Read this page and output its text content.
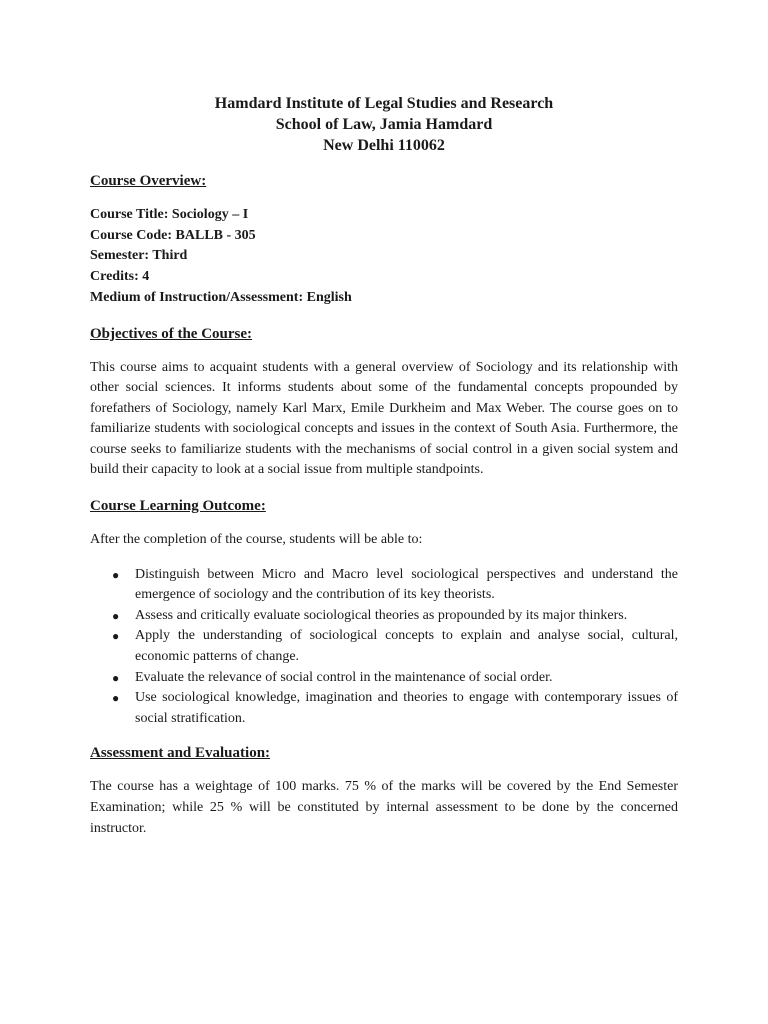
Hamdard Institute of Legal Studies and Research
School of Law, Jamia Hamdard
New Delhi 110062
Course Overview:
Course Title: Sociology – I
Course Code: BALLB - 305
Semester: Third
Credits: 4
Medium of Instruction/Assessment: English
Objectives of the Course:

This course aims to acquaint students with a general overview of Sociology and its relationship with other social sciences. It informs students about some of the fundamental concepts propounded by forefathers of Sociology, namely Karl Marx, Emile Durkheim and Max Weber. The course goes on to familiarize students with sociological concepts and issues in the context of South Asia. Furthermore, the course seeks to familiarize students with the mechanisms of social control in a given social system and build their capacity to look at a social issue from multiple standpoints.

Course Learning Outcome:

After the completion of the course, students will be able to:

● Distinguish between Micro and Macro level sociological perspectives and understand the emergence of sociology and the contribution of its key theorists.
● Assess and critically evaluate sociological theories as propounded by its major thinkers.
● Apply the understanding of sociological concepts to explain and analyse social, cultural, economic patterns of change.
● Evaluate the relevance of social control in the maintenance of social order.
● Use sociological knowledge, imagination and theories to engage with contemporary issues of social stratification.
Assessment and Evaluation:

The course has a weightage of 100 marks. 75 % of the marks will be covered by the End Semester Examination; while 25 % will be constituted by internal assessment to be done by the concerned instructor.
